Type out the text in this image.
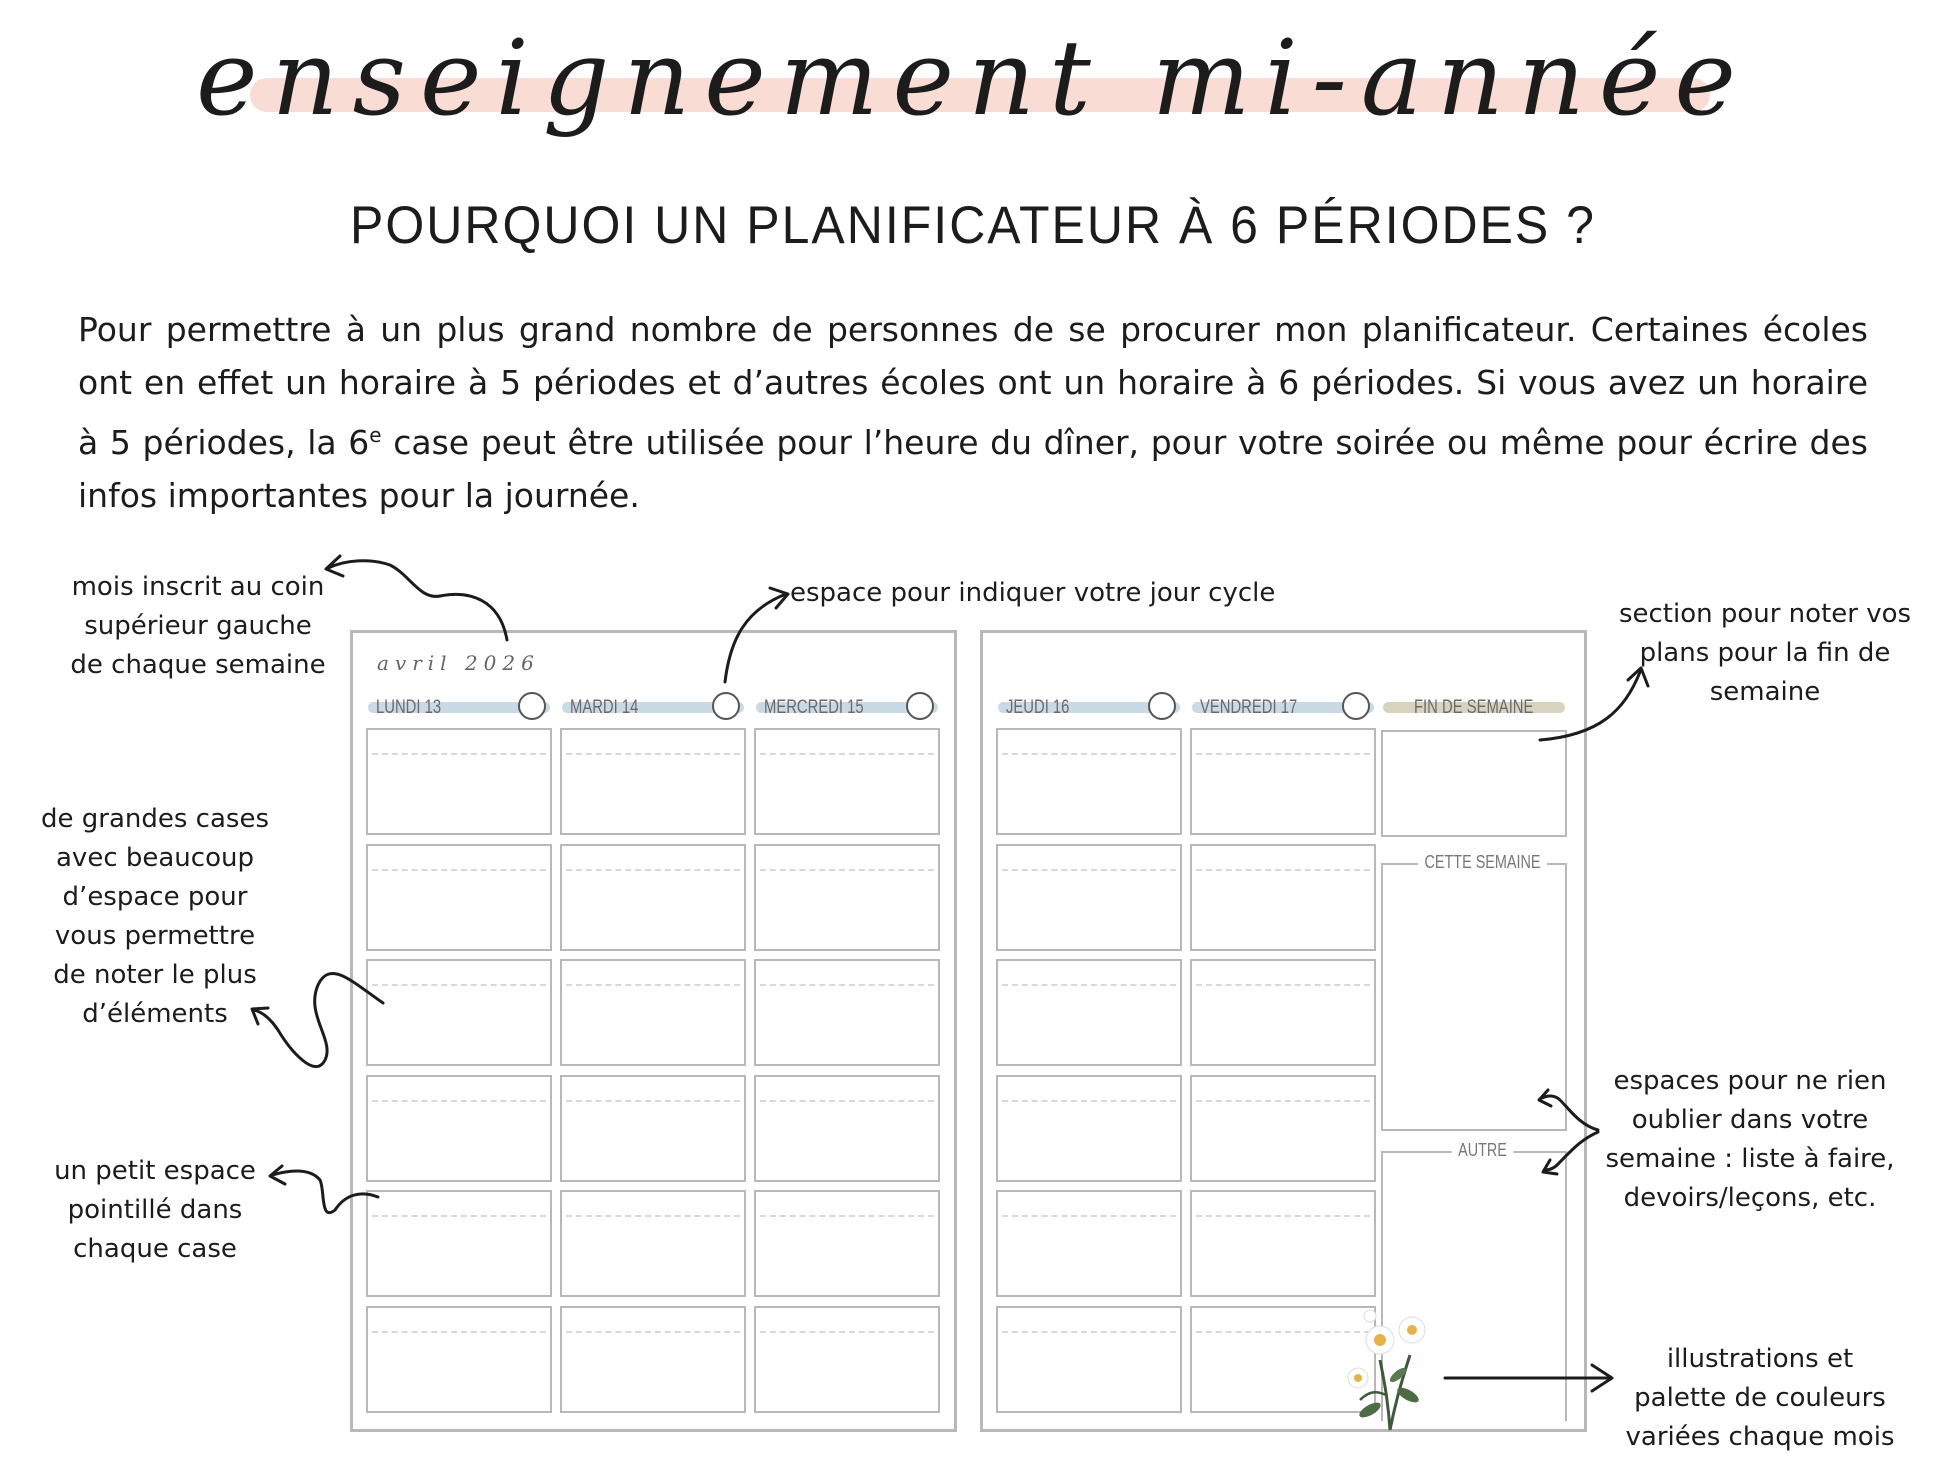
enseignement mi-année
POURQUOI UN PLANIFICATEUR À 6 PÉRIODES ?

Pour permettre à un plus grand nombre de personnes de se procurer mon planificateur. Certaines écoles ont en effet un horaire à 5 périodes et d’autres écoles ont un horaire à 6 périodes. Si vous avez un horaire à 5 périodes, la 6e case peut être utilisée pour l’heure du dîner, pour votre soirée ou même pour écrire des infos importantes pour la journée.

mois inscrit au coin supérieur gauche de chaque semaine
espace pour indiquer votre jour cycle
section pour noter vos plans pour la fin de semaine
de grandes cases avec beaucoup d’espace pour vous permettre de noter le plus d’éléments
un petit espace pointillé dans chaque case
espaces pour ne rien oublier dans votre semaine : liste à faire, devoirs/leçons, etc.
illustrations et palette de couleurs variées chaque mois
avril 2026
LUNDI 13	MARDI 14	MERCREDI 15	JEUDI 16	VENDREDI 17	FIN DE SEMAINE
CETTE SEMAINE
AUTRE
